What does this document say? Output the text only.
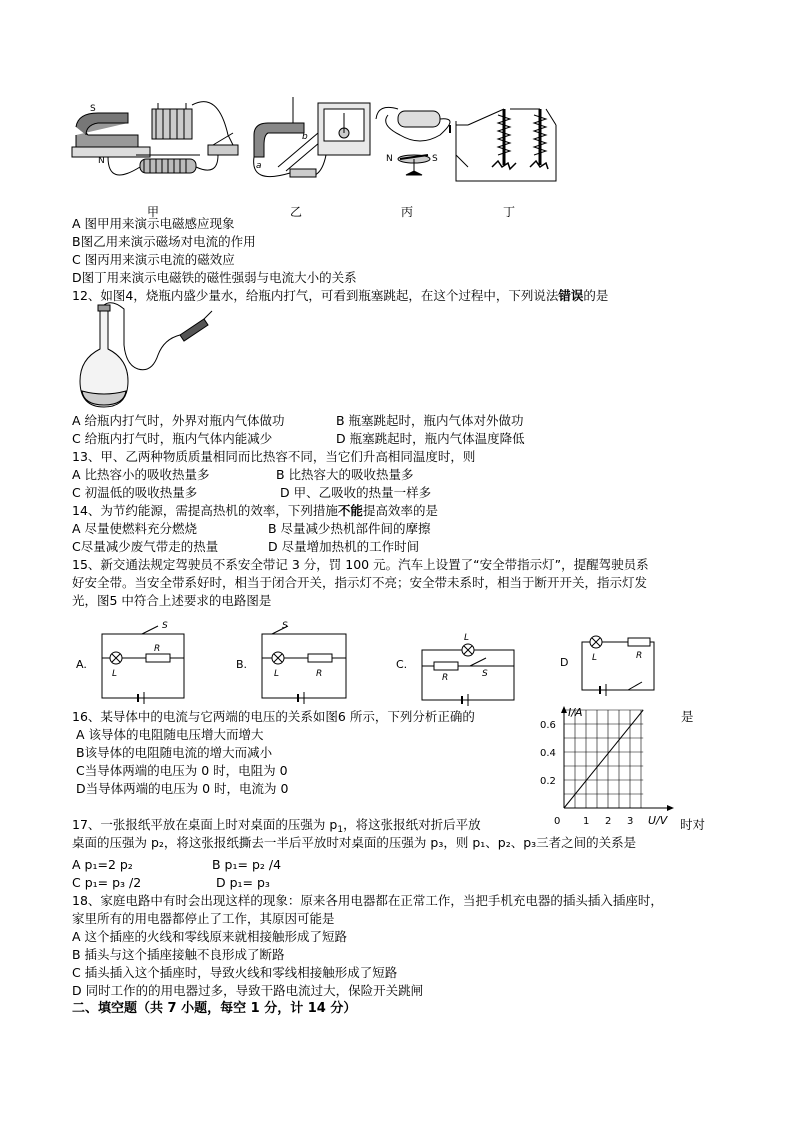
S
N	a
b
N	S
甲	乙	丙	丁
A 图甲用来演示电磁感应现象
B图乙用来演示磁场对电流的作用
C 图丙用来演示电流的磁效应
D图丁用来演示电磁铁的磁性强弱与电流大小的关系
12、如图4，烧瓶内盛少量水，给瓶内打气，可看到瓶塞跳起，在这个过程中，下列说法错误的是
A 给瓶内打气时，外界对瓶内气体做功	B 瓶塞跳起时，瓶内气体对外做功
C 给瓶内打气时，瓶内气体内能减少	D 瓶塞跳起时，瓶内气体温度降低
13、甲、乙两种物质质量相同而比热容不同，当它们升高相同温度时，则
A 比热容小的吸收热量多	B 比热容大的吸收热量多
C 初温低的吸收热量多	D 甲、乙吸收的热量一样多
14、为节约能源，需提高热机的效率，下列措施不能提高效率的是
A 尽量使燃料充分燃烧	B 尽量减少热机部件间的摩擦
C尽量减少废气带走的热量	D 尽量增加热机的工作时间
15、新交通法规定驾驶员不系安全带记 3 分，罚 100 元。汽车上设置了“安全带指示灯”，提醒驾驶员系
好安全带。当安全带系好时，相当于闭合开关，指示灯不亮；安全带未系时，相当于断开开关，指示灯发
光，图5 中符合上述要求的电路图是
A.
S
L
R
B.
S
L	R
C.
L
R	S
D	L	R
16、某导体中的电流与它两端的电压的关系如图6 所示，下列分析正确的	是
A 该导体的电阻随电压增大而增大
B该导体的电阻随电流的增大而减小
C当导体两端的电压为 0 时，电阻为 0
D当导体两端的电压为 0 时，电流为 0
0 1 2 3
0.2
0.4
0.6
I/A
U/V
17、一张报纸平放在桌面上时对桌面的压强为 $p_1$，将这张报纸对折后平放	时对
桌面的压强为 p₂，将这张报纸撕去一半后平放时对桌面的压强为 p₃，则 p₁、p₂、p₃三者之间的关系是
A p₁=2 p₂	B p₁= p₂ /4
C p₁= p₃ /2	D p₁= p₃
18、家庭电路中有时会出现这样的现象：原来各用电器都在正常工作，当把手机充电器的插头插入插座时，
家里所有的用电器都停止了工作，其原因可能是
A 这个插座的火线和零线原来就相接触形成了短路
B 插头与这个插座接触不良形成了断路
C 插头插入这个插座时，导致火线和零线相接触形成了短路
D 同时工作的的用电器过多，导致干路电流过大，保险开关跳闸
二、填空题（共 7 小题，每空 1 分，计 14 分）
